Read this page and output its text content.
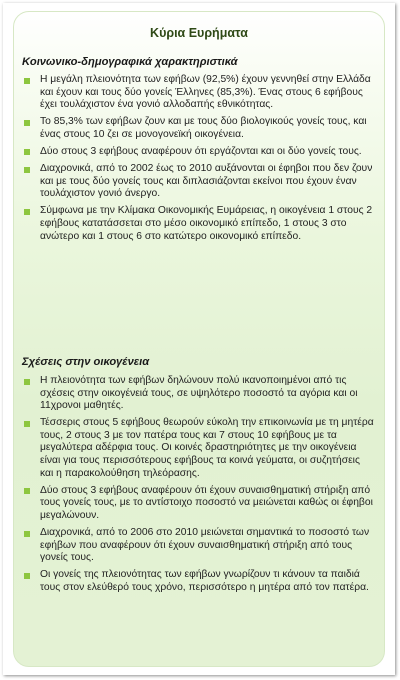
Κύρια Ευρήματα
Κοινωνικο-δημογραφικά χαρακτηριστικά
Η μεγάλη πλειονότητα των εφήβων (92,5%) έχουν γεννηθεί στην Ελλάδα και έχουν και τους δύο γονείς Έλληνες (85,3%). Ένας στους 6 εφήβους έχει τουλάχιστον ένα γονιό αλλοδαπής εθνικότητας.
Το 85,3% των εφήβων ζουν και με τους δύο βιολογικούς γονείς τους, και ένας στους 10 ζει σε μονογονεϊκή οικογένεια.
Δύο στους 3 εφήβους αναφέρουν ότι εργάζονται και οι δύο γονείς τους.
Διαχρονικά, από το 2002 έως το 2010 αυξάνονται οι έφηβοι που δεν ζουν και με τους δύο γονείς τους και διπλασιάζονται εκείνοι που έχουν έναν τουλάχιστον γονιό άνεργο.
Σύμφωνα με την Κλίμακα Οικονομικής Ευμάρειας, η οικογένεια 1 στους 2 εφήβους κατατάσσεται στο μέσο οικονομικό επίπεδο, 1 στους 3 στο ανώτερο και 1 στους 6 στο κατώτερο οικονομικό επίπεδο.
Σχέσεις στην οικογένεια
Η πλειονότητα των εφήβων δηλώνουν πολύ ικανοποιημένοι από τις σχέσεις στην οικογένειά τους, σε υψηλότερο ποσοστό τα αγόρια και οι 11χρονοι μαθητές.
Τέσσερις στους 5 εφήβους θεωρούν εύκολη την επικοινωνία με τη μητέρα τους, 2 στους 3 με τον πατέρα τους και 7 στους 10 εφήβους με τα μεγαλύτερα αδέρφια τους. Οι κοινές δραστηριότητες με την οικογένεια είναι για τους περισσότερους εφήβους τα κοινά γεύματα, οι συζητήσεις και η παρακολούθηση τηλεόρασης.
Δύο στους 3 εφήβους αναφέρουν ότι έχουν συναισθηματική στήριξη από τους γονείς τους, με το αντίστοιχο ποσοστό να μειώνεται καθώς οι έφηβοι μεγαλώνουν.
Διαχρονικά, από το 2006 στο 2010 μειώνεται σημαντικά το ποσοστό των εφήβων που αναφέρουν ότι έχουν συναισθηματική στήριξη από τους γονείς τους.
Οι γονείς της πλειονότητας των εφήβων γνωρίζουν τι κάνουν τα παιδιά τους στον ελεύθερό τους χρόνο, περισσότερο η μητέρα από τον πατέρα.
